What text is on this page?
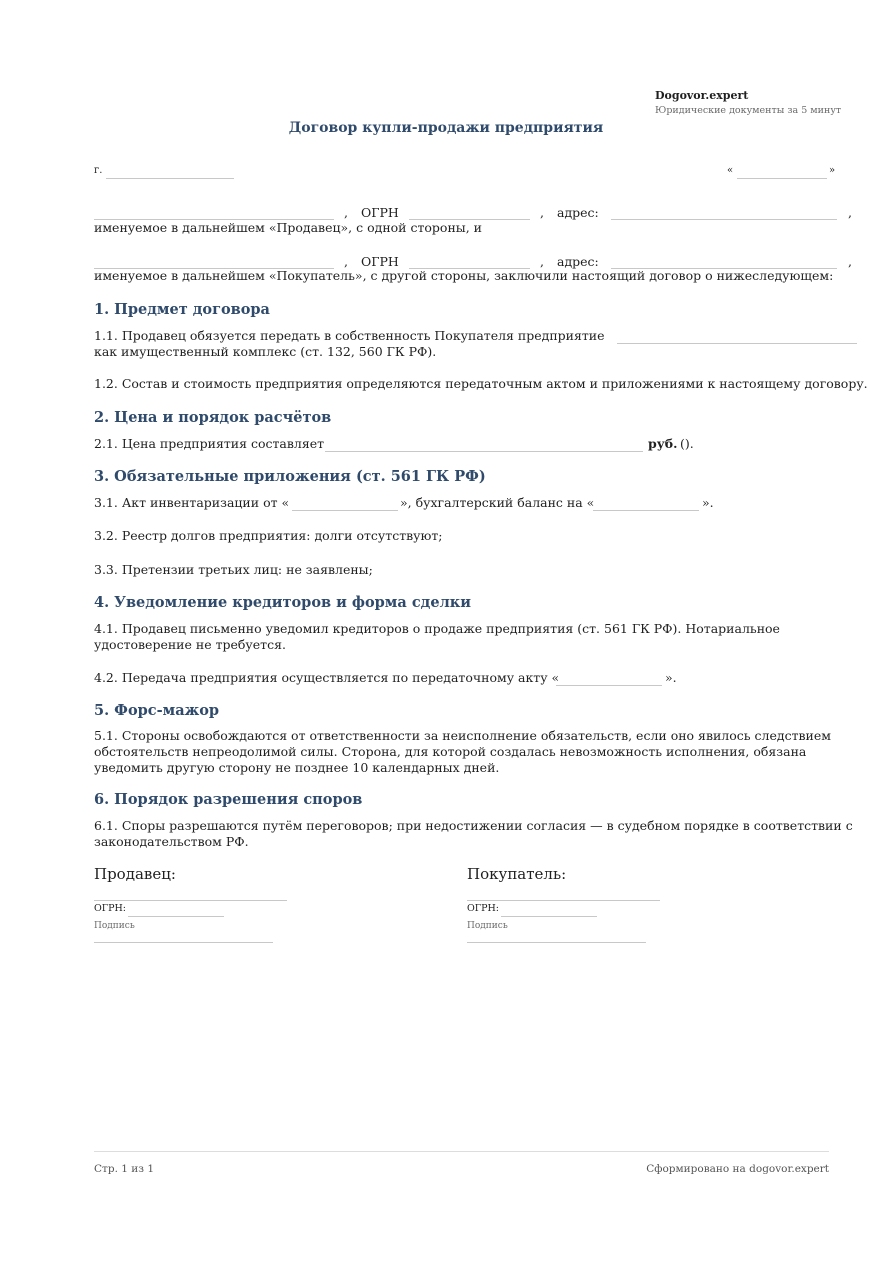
Dogovor.expert
Юридические документы за 5 минут
Договор купли-продажи предприятия
г.	«	»
, ОГРН	, адрес:	,
именуемое в дальнейшем «Продавец», с одной стороны, и
, ОГРН	, адрес:	,
именуемое в дальнейшем «Покупатель», с другой стороны, заключили настоящий договор о нижеследующем:
1. Предмет договора
1.1. Продавец обязуется передать в собственность Покупателя предприятие
как имущественный комплекс (ст. 132, 560 ГК РФ).
1.2. Состав и стоимость предприятия определяются передаточным актом и приложениями к настоящему договору.
2. Цена и порядок расчётов
2.1. Цена предприятия составляет	руб. ().
3. Обязательные приложения (ст. 561 ГК РФ)
3.1. Акт инвентаризации от «	», бухгалтерский баланс на «	».
3.2. Реестр долгов предприятия: долги отсутствуют;
3.3. Претензии третьих лиц: не заявлены;
4. Уведомление кредиторов и форма сделки
4.1. Продавец письменно уведомил кредиторов о продаже предприятия (ст. 561 ГК РФ). Нотариальное
удостоверение не требуется.
4.2. Передача предприятия осуществляется по передаточному акту «	».
5. Форс-мажор
5.1. Стороны освобождаются от ответственности за неисполнение обязательств, если оно явилось следствием
обстоятельств непреодолимой силы. Сторона, для которой создалась невозможность исполнения, обязана
уведомить другую сторону не позднее 10 календарных дней.
6. Порядок разрешения споров
6.1. Споры разрешаются путём переговоров; при недостижении согласия — в судебном порядке в соответствии с
законодательством РФ.
Продавец:
ОГРН:
Подпись
Покупатель:
ОГРН:
Подпись
Стр. 1 из 1	Сформировано на dogovor.expert
